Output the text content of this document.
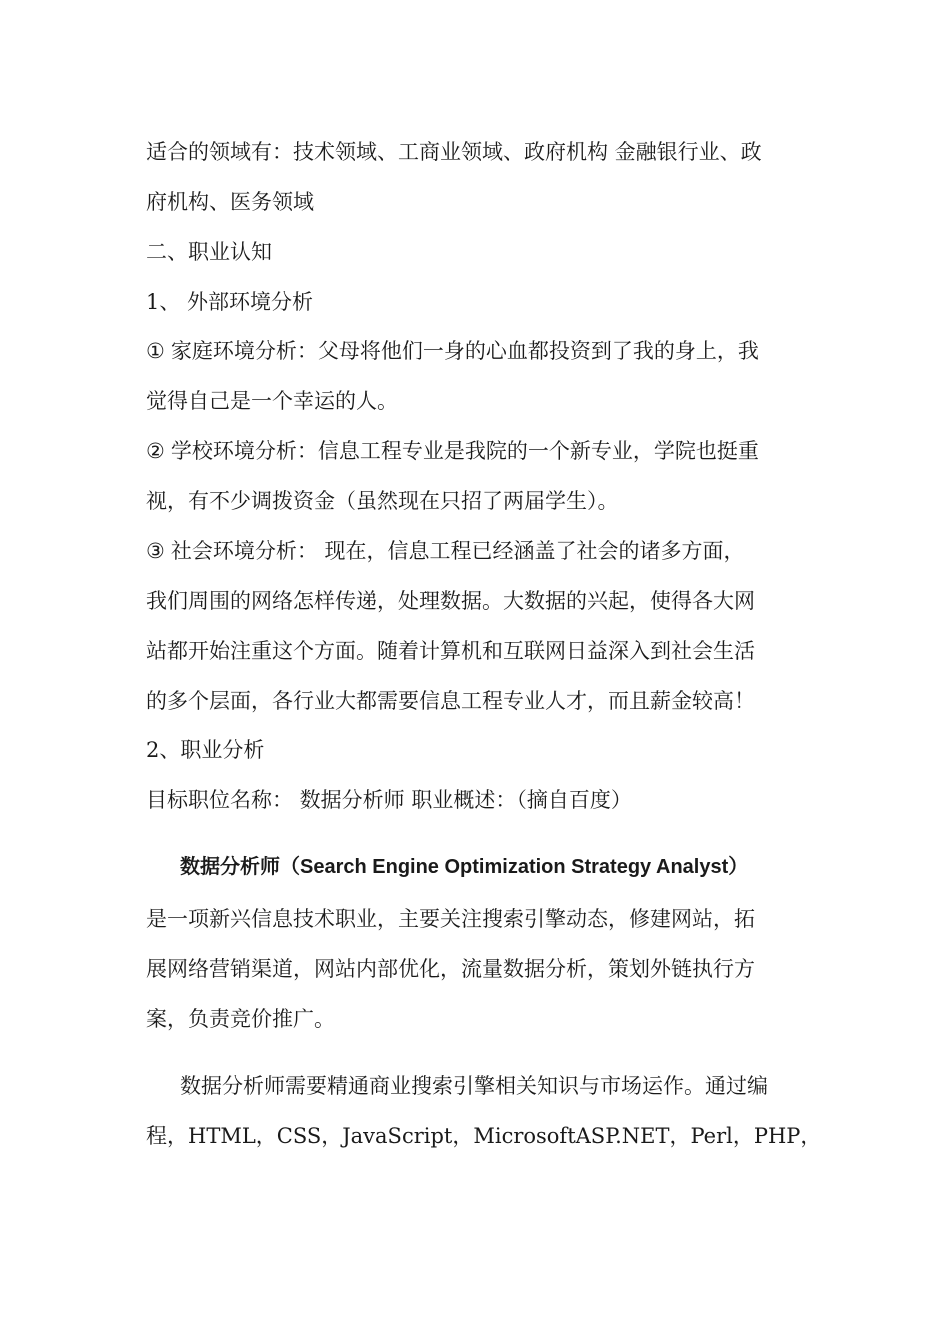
适合的领域有：技术领域、工商业领域、政府机构 金融银行业、政
府机构、医务领域
二、职业认知
1、 外部环境分析
① 家庭环境分析：父母将他们一身的心血都投资到了我的身上，我
觉得自己是一个幸运的人。
② 学校环境分析：信息工程专业是我院的一个新专业，学院也挺重
视，有不少调拨资金（虽然现在只招了两届学生）。
③ 社会环境分析： 现在，信息工程已经涵盖了社会的诸多方面，
我们周围的网络怎样传递，处理数据。大数据的兴起，使得各大网
站都开始注重这个方面。随着计算机和互联网日益深入到社会生活
的多个层面，各行业大都需要信息工程专业人才，而且薪金较高！
2、职业分析
目标职位名称： 数据分析师 职业概述：（摘自百度）
数据分析师（Search Engine Optimization Strategy Analyst）
是一项新兴信息技术职业，主要关注搜索引擎动态，修建网站，拓
展网络营销渠道，网站内部优化，流量数据分析，策划外链执行方
案，负责竞价推广。
数据分析师需要精通商业搜索引擎相关知识与市场运作。通过编
程，HTML，CSS，JavaScript，MicrosoftASP.NET，Perl，PHP，
